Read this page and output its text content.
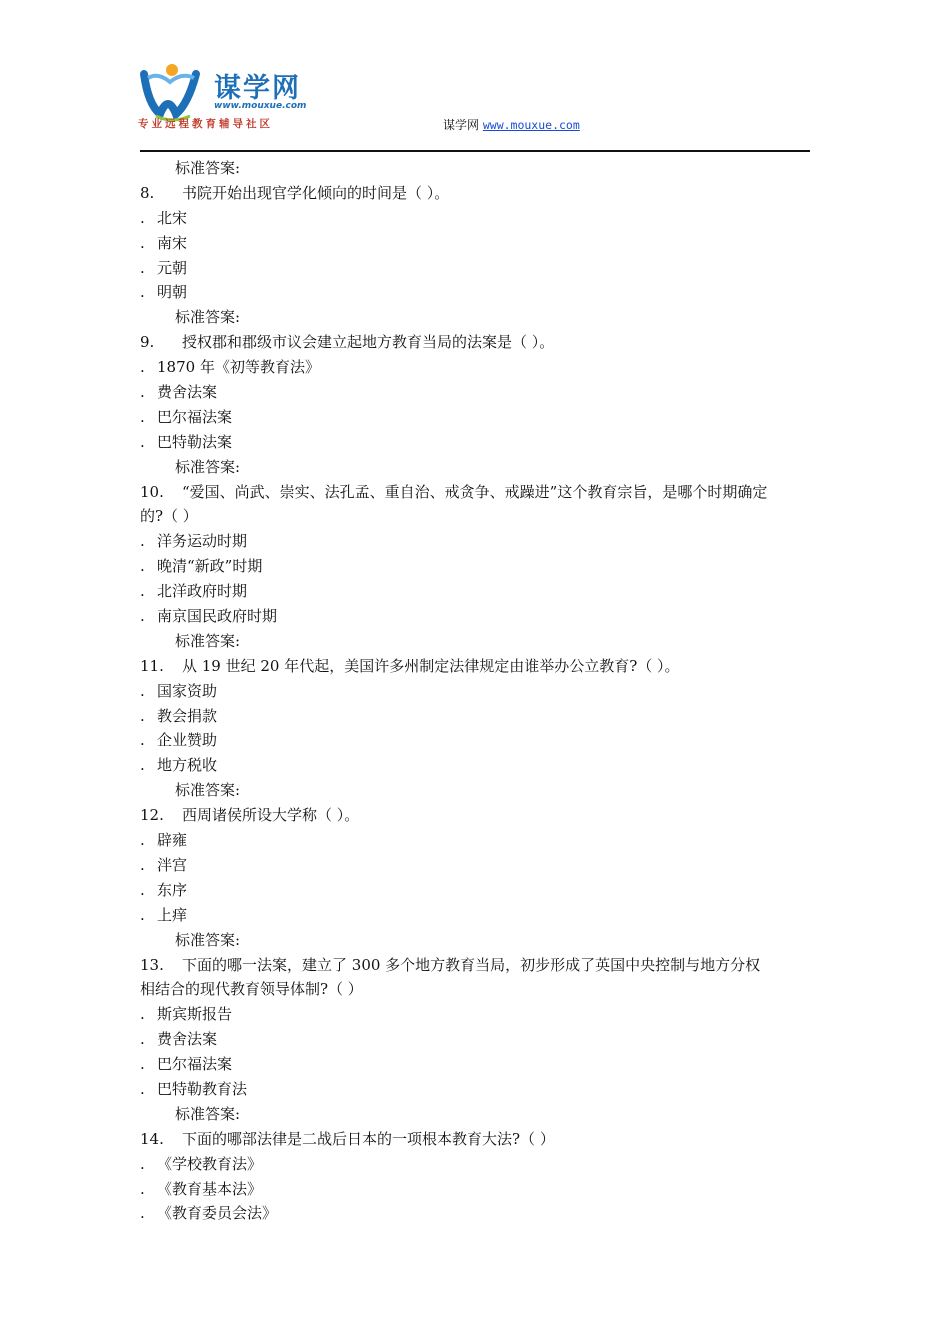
谋学网
www.mouxue.com
专业远程教育辅导社区	谋学网 www.mouxue.com
标准答案:
8. 书院开始出现官学化倾向的时间是（ ）。
. 北宋
. 南宋
. 元朝
. 明朝
标准答案:
9. 授权郡和郡级市议会建立起地方教育当局的法案是（ ）。
. 1870 年《初等教育法》
. 费舍法案
. 巴尔福法案
. 巴特勒法案
标准答案:
10. “爱国、尚武、崇实、法孔孟、重自治、戒贪争、戒躁进”这个教育宗旨，是哪个时期确定
的?（ ）
. 洋务运动时期
. 晚清“新政”时期
. 北洋政府时期
. 南京国民政府时期
标准答案:
11. 从 19 世纪 20 年代起，美国许多州制定法律规定由谁举办公立教育?（ ）。
. 国家资助
. 教会捐款
. 企业赞助
. 地方税收
标准答案:
12. 西周诸侯所设大学称（ ）。
. 辟雍
. 泮宫
. 东序
. 上痒
标准答案:
13. 下面的哪一法案，建立了 300 多个地方教育当局，初步形成了英国中央控制与地方分权
相结合的现代教育领导体制?（ ）
. 斯宾斯报告
. 费舍法案
. 巴尔福法案
. 巴特勒教育法
标准答案:
14. 下面的哪部法律是二战后日本的一项根本教育大法?（ ）
. 《学校教育法》
. 《教育基本法》
. 《教育委员会法》
